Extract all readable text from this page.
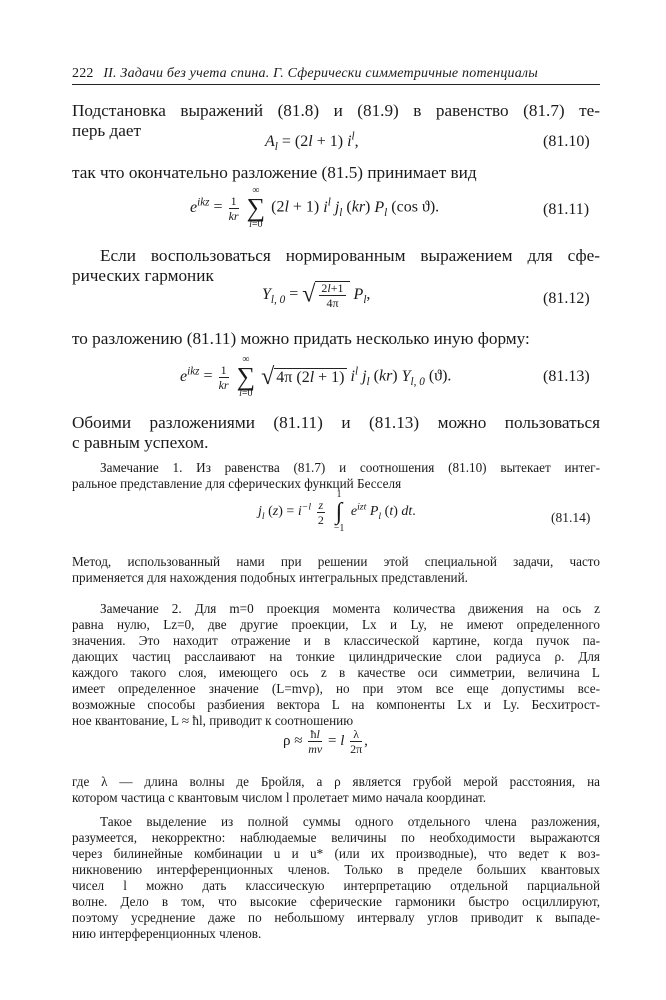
222 II. Задачи без учета спина. Г. Сферически симметричные потенциалы
Подстановка выражений (81.8) и (81.9) в равенство (81.7) те-
перь дает
$A_l = (2l + 1)$ $i^l$,	(81.10)
так что окончательно разложение (81.5) принимает вид
$e^{ikz} = \frac{1}{kr}$

∞
∑
l=0
(2l + 1) $i^l$ $j_l$ (kr) $P_l$ (cos ϑ).	(81.11)
Если воспользоваться нормированным выражением для сфе-
рических гармоник
$Y_{l, 0}$ = √ $\frac{2l+1}{4\pi} P_l$,	(81.12)
то разложению (81.11) можно придать несколько иную форму:
$e^{ikz} = \frac{1}{kr}$

∞
∑
l=0
√ 4π (2l + 1) $i^l$ $j_l$ (kr) $Y_{l, 0}$ (ϑ).	(81.13)
Обоими разложениями (81.11) и (81.13) можно пользоваться
с равным успехом.
Замечание 1. Из равенства (81.7) и соотношения (81.10) вытекает интег-
ральное представление для сферических функций Бесселя
$j_l$ $(z) = i^{-l} \frac{z}{2}$

1
∫
−1
$e^{izt}$ $P_l$ (t) dt.	(81.14)
Метод, использованный нами при решении этой специальной задачи, часто
применяется для нахождения подобных интегральных представлений.
Замечание 2. Для m=0 проекция момента количества движения на ось z
равна нулю, Lz=0, две другие проекции, Lx и Ly, не имеют определенного
значения. Это находит отражение и в классической картине, когда пучок па-
дающих частиц расслаивают на тонкие цилиндрические слои радиуса ρ. Для
каждого такого слоя, имеющего ось z в качестве оси симметрии, величина L
имеет определенное значение (L=mvρ), но при этом все еще допустимы все-
возможные способы разбиения вектора L на компоненты Lx и Ly. Бесхитрост-
ное квантование, L ≈ ħl, приводит к соотношению
$\rho \approx \frac{ħl}{mv} = l \frac{\lambda}{2\pi}$ ,
где λ — длина волны де Бройля, а ρ является грубой мерой расстояния, на
котором частица с квантовым числом l пролетает мимо начала координат.
Такое выделение из полной суммы одного отдельного члена разложения,
разумеется, некорректно: наблюдаемые величины по необходимости выражаются
через билинейные комбинации u и u* (или их производные), что ведет к воз-
никновению интерференционных членов. Только в пределе больших квантовых
чисел l можно дать классическую интерпретацию отдельной парциальной
волне. Дело в том, что высокие сферические гармоники быстро осциллируют,
поэтому усреднение даже по небольшому интервалу углов приводит к выпаде-
нию интерференционных членов.
